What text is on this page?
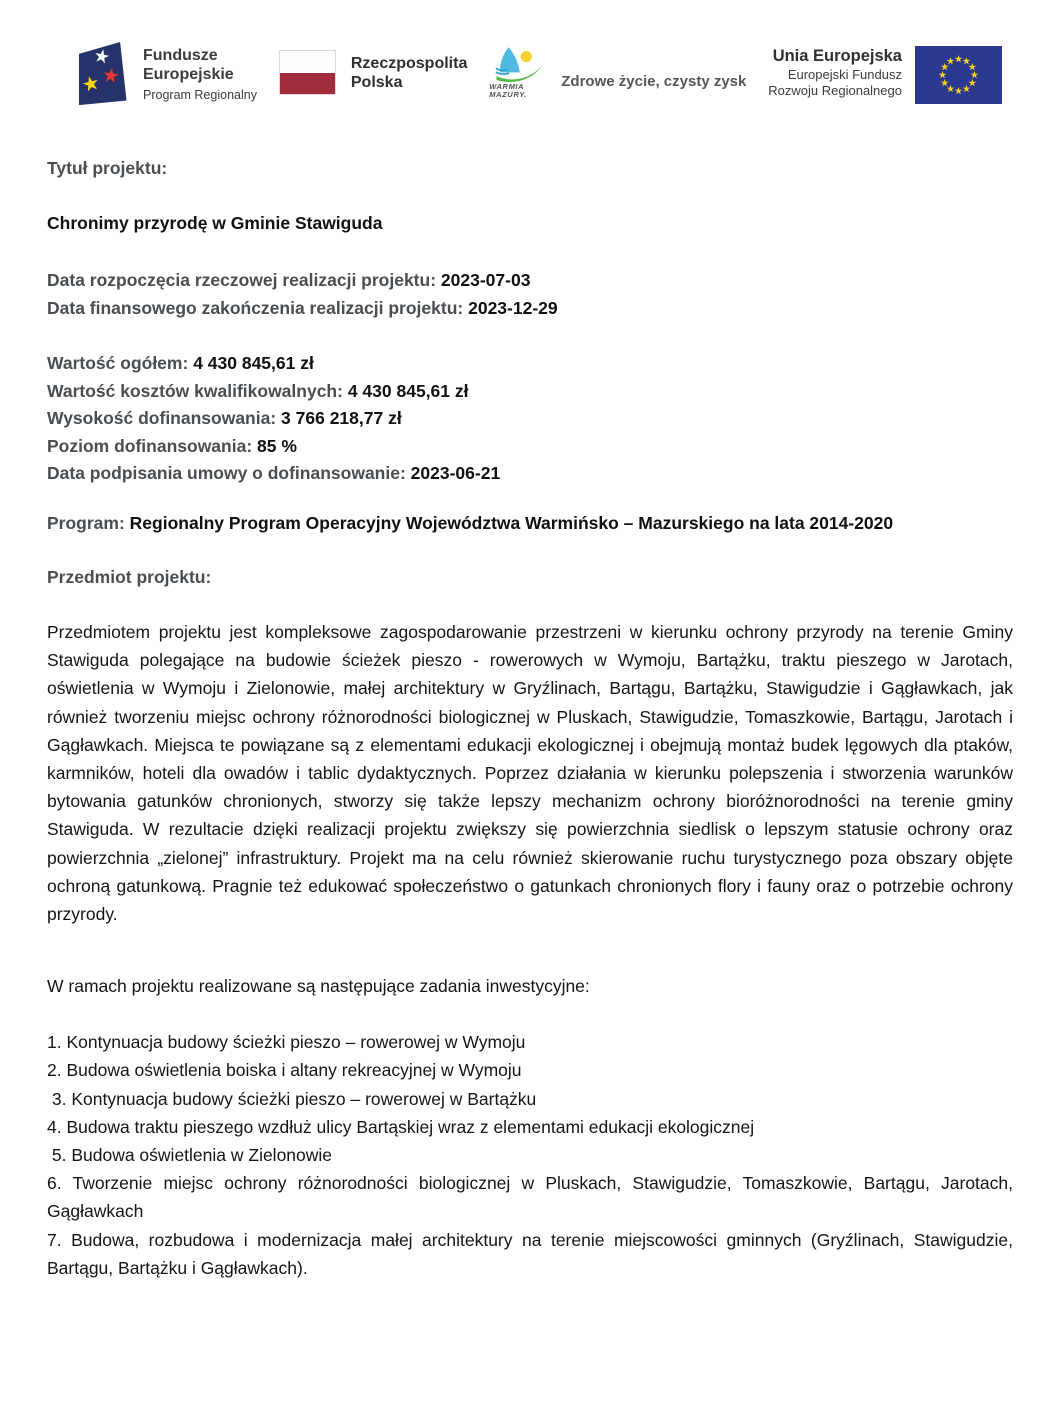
Fundusze
Europejskie
Program Regionalny
Rzeczpospolita
Polska	WARMIA
MAZURY.
Zdrowe życie, czysty zysk
Unia Europejska
Europejski Fundusz
Rozwoju Regionalnego

Tytuł projektu:

Chronimy przyrodę w Gminie Stawiguda

Data rozpoczęcia rzeczowej realizacji projektu: 2023-07-03

Data finansowego zakończenia realizacji projektu: 2023-12-29

Wartość ogółem: 4 430 845,61 zł

Wartość kosztów kwalifikowalnych: 4 430 845,61 zł

Wysokość dofinansowania: 3 766 218,77 zł

Poziom dofinansowania: 85 %

Data podpisania umowy o dofinansowanie: 2023-06-21

Program: Regionalny Program Operacyjny Województwa Warmińsko – Mazurskiego na lata 2014-2020

Przedmiot projektu:

Przedmiotem projektu jest kompleksowe zagospodarowanie przestrzeni w kierunku ochrony przyrody na terenie Gminy Stawiguda polegające na budowie ścieżek pieszo - rowerowych w Wymoju, Bartążku, traktu pieszego w Jarotach, oświetlenia w Wymoju i Zielonowie, małej architektury w Gryźlinach, Bartągu, Bartążku, Stawigudzie i Gągławkach, jak również tworzeniu miejsc ochrony różnorodności biologicznej w Pluskach, Stawigudzie, Tomaszkowie, Bartągu, Jarotach i Gągławkach. Miejsca te powiązane są z elementami edukacji ekologicznej i obejmują montaż budek lęgowych dla ptaków, karmników, hoteli dla owadów i tablic dydaktycznych. Poprzez działania w kierunku polepszenia i stworzenia warunków bytowania gatunków chronionych, stworzy się także lepszy mechanizm ochrony bioróżnorodności na terenie gminy Stawiguda. W rezultacie dzięki realizacji projektu zwiększy się powierzchnia siedlisk o lepszym statusie ochrony oraz powierzchnia „zielonej” infrastruktury. Projekt ma na celu również skierowanie ruchu turystycznego poza obszary objęte ochroną gatunkową. Pragnie też edukować społeczeństwo o gatunkach chronionych flory i fauny oraz o potrzebie ochrony przyrody.

W ramach projektu realizowane są następujące zadania inwestycyjne:

1. Kontynuacja budowy ścieżki pieszo – rowerowej w Wymoju

2. Budowa oświetlenia boiska i altany rekreacyjnej w Wymoju

3. Kontynuacja budowy ścieżki pieszo – rowerowej w Bartążku

4. Budowa traktu pieszego wzdłuż ulicy Bartąskiej wraz z elementami edukacji ekologicznej

5. Budowa oświetlenia w Zielonowie

6. Tworzenie miejsc ochrony różnorodności biologicznej w Pluskach, Stawigudzie, Tomaszkowie, Bartągu, Jarotach, Gągławkach

7. Budowa, rozbudowa i modernizacja małej architektury na terenie miejscowości gminnych (Gryźlinach, Stawigudzie, Bartągu, Bartążku i Gągławkach).
